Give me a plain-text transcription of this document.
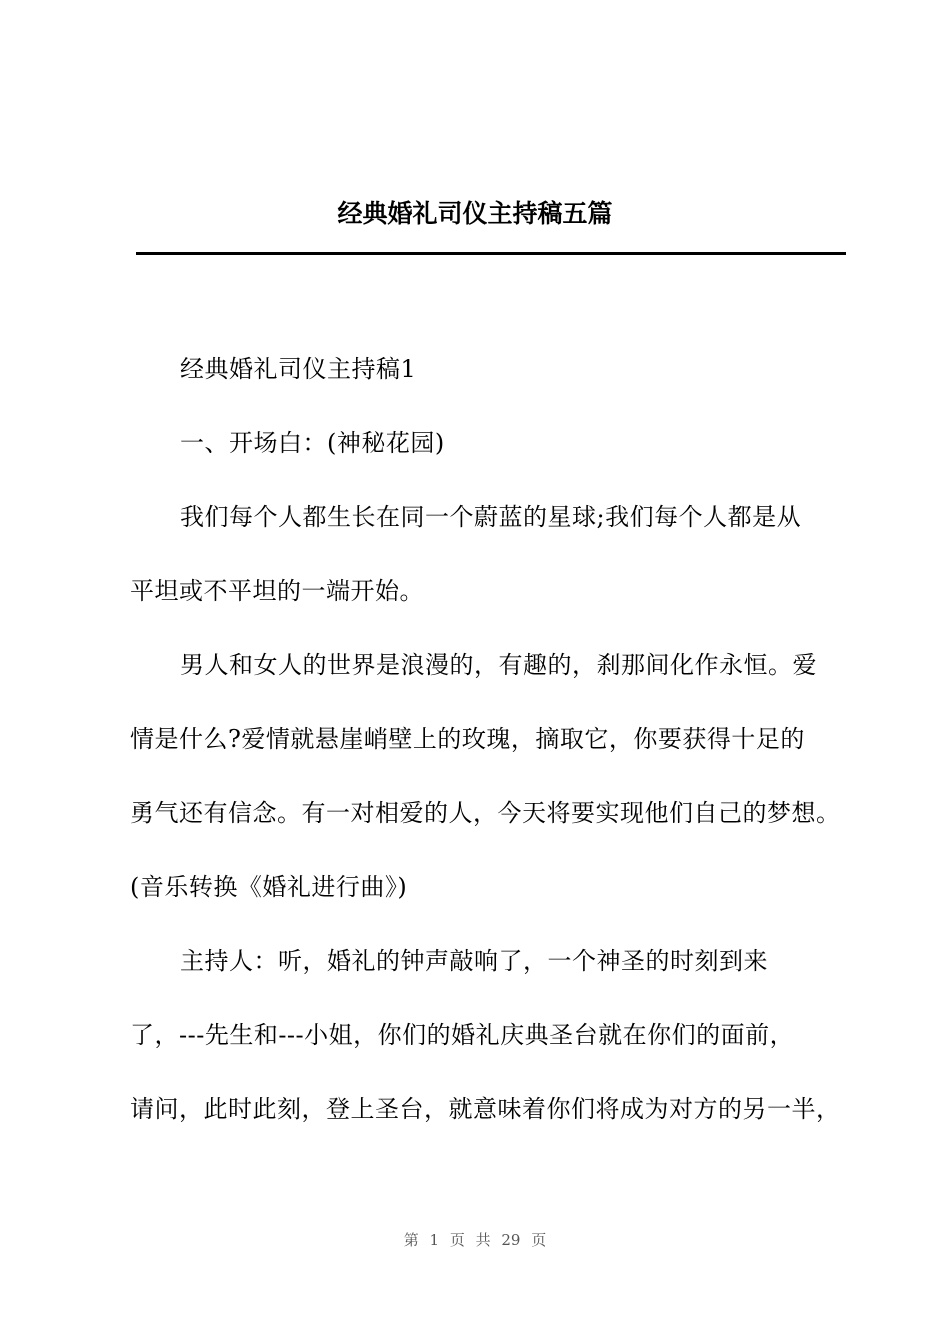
经典婚礼司仪主持稿五篇
经典婚礼司仪主持稿1
一、开场白：(神秘花园)
我们每个人都生长在同一个蔚蓝的星球;我们每个人都是从
平坦或不平坦的一端开始。
男人和女人的世界是浪漫的，有趣的，刹那间化作永恒。爱
情是什么?爱情就悬崖峭壁上的玫瑰，摘取它，你要获得十足的
勇气还有信念。有一对相爱的人，今天将要实现他们自己的梦想。
(音乐转换《婚礼进行曲》)
主持人：听，婚礼的钟声敲响了，一个神圣的时刻到来
了，---先生和---小姐，你们的婚礼庆典圣台就在你们的面前，
请问，此时此刻，登上圣台，就意味着你们将成为对方的另一半，
第 1 页 共 29 页
